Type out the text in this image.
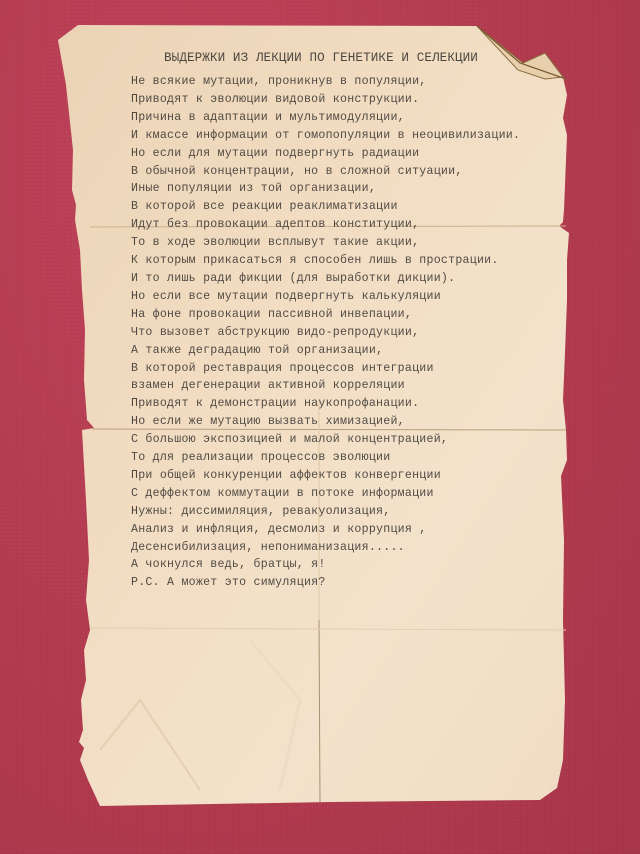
ВЫДЕРЖКИ ИЗ ЛЕКЦИИ ПО ГЕНЕТИКЕ И СЕЛЕКЦИИ
Не всякие мутации, проникнув в популяции,
Приводят к эволюции видовой конструкции.
Причина в адаптации и мультимодуляции,
И кмассе информации от гомопопуляции в неоцивилизации.
Но если для мутации подвергнуть радиации
В обычной концентрации, но в сложной ситуации,
Иные популяции из той организации,
В которой все реакции реаклиматизации
Идут без провокации адептов конституции,
То в ходе эволюции всплывут такие акции,
К которым прикасаться я способен лишь в прострации.
И то лишь ради фикции (для выработки дикции).
Но если все мутации подвергнуть калькуляции
На фоне провокации пассивной инвепации,
Что вызовет абструкцию видо-репродукции,
А также деградацию той организации,
В которой реставрация процессов интеграции
взамен дегенерации активной корреляции
Приводят к демонстрации наукопрофанации.
Но если же мутацию вызвать химизацией,
С большою экспозицией и малой концентрацией,
То для реализации процессов эволюции
При общей конкуренции аффектов конвергенции
С деффектом коммутации в потоке информации
Нужны: диссимиляция, ревакуолизация,
Анализ и инфляция, десмолиз и коррупция ,
Десенсибилизация, непониманизация.....
А чокнулся ведь, братцы, я!
Р.С. А может это симуляция?
